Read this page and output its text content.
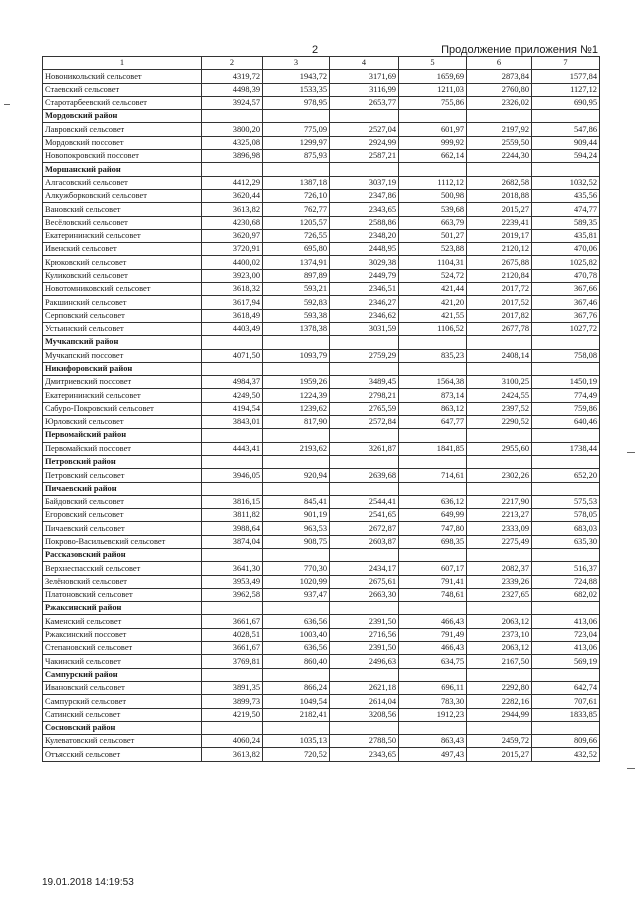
2	Продолжение приложения №1
1	2	3	4	5	6	7
Новоникольский сельсовет	4319,72	1943,72	3171,69	1659,69	2873,84	1577,84
Стаевский сельсовет	4498,39	1533,35	3116,99	1211,03	2760,80	1127,12
Старотарбеевский сельсовет	3924,57	978,95	2653,77	755,86	2326,02	690,95
Мордовский район						
Лавровский сельсовет	3800,20	775,09	2527,04	601,97	2197,92	547,86
Мордовский поссовет	4325,08	1299,97	2924,99	999,92	2559,50	909,44
Новопокровский поссовет	3896,98	875,93	2587,21	662,14	2244,30	594,24
Моршанский район						
Алгасовский сельсовет	4412,29	1387,18	3037,19	1112,12	2682,58	1032,52
Алкужборковский сельсовет	3620,44	726,10	2347,86	500,98	2018,88	435,56
Вановский сельсовет	3613,82	762,77	2343,65	539,68	2015,27	474,77
Весёловский сельсовет	4230,68	1205,57	2588,86	663,79	2239,41	589,35
Екатерининский сельсовет	3620,97	726,55	2348,20	501,27	2019,17	435,81
Ивенский сельсовет	3720,91	695,80	2448,95	523,88	2120,12	470,06
Крюковский сельсовет	4400,02	1374,91	3029,38	1104,31	2675,88	1025,82
Куликовский сельсовет	3923,00	897,89	2449,79	524,72	2120,84	470,78
Новотомниковский сельсовет	3618,32	593,21	2346,51	421,44	2017,72	367,66
Ракшинский сельсовет	3617,94	592,83	2346,27	421,20	2017,52	367,46
Серповский сельсовет	3618,49	593,38	2346,62	421,55	2017,82	367,76
Устьинский сельсовет	4403,49	1378,38	3031,59	1106,52	2677,78	1027,72
Мучкапский район						
Мучкапский поссовет	4071,50	1093,79	2759,29	835,23	2408,14	758,08
Никифоровский район						
Дмитриевский поссовет	4984,37	1959,26	3489,45	1564,38	3100,25	1450,19
Екатерининский сельсовет	4249,50	1224,39	2798,21	873,14	2424,55	774,49
Сабуро-Покровский сельсовет	4194,54	1239,62	2765,59	863,12	2397,52	759,86
Юрловский сельсовет	3843,01	817,90	2572,84	647,77	2290,52	640,46
Первомайский район						
Первомайский поссовет	4443,41	2193,62	3261,87	1841,85	2955,60	1738,44
Петровский район						
Петровский сельсовет	3946,05	920,94	2639,68	714,61	2302,26	652,20
Пичаевский район						
Байдовский сельсовет	3816,15	845,41	2544,41	636,12	2217,90	575,53
Егоровский сельсовет	3811,82	901,19	2541,65	649,99	2213,27	578,05
Пичаевский сельсовет	3988,64	963,53	2672,87	747,80	2333,09	683,03
Покрово-Васильевский сельсовет	3874,04	908,75	2603,87	698,35	2275,49	635,30
Рассказовский район						
Верхнеспасский сельсовет	3641,30	770,30	2434,17	607,17	2082,37	516,37
Зелёновский сельсовет	3953,49	1020,99	2675,61	791,41	2339,26	724,88
Платоновский сельсовет	3962,58	937,47	2663,30	748,61	2327,65	682,02
Ржаксинский район						
Каменский сельсовет	3661,67	636,56	2391,50	466,43	2063,12	413,06
Ржаксинский поссовет	4028,51	1003,40	2716,56	791,49	2373,10	723,04
Степановский сельсовет	3661,67	636,56	2391,50	466,43	2063,12	413,06
Чакинский сельсовет	3769,81	860,40	2496,63	634,75	2167,50	569,19
Сампурский район						
Ивановский сельсовет	3891,35	866,24	2621,18	696,11	2292,80	642,74
Сампурский сельсовет	3899,73	1049,54	2614,04	783,30	2282,16	707,61
Сатинский сельсовет	4219,50	2182,41	3208,56	1912,23	2944,99	1833,85
Сосновский район						
Кулеватовский сельсовет	4060,24	1035,13	2788,50	863,43	2459,72	809,66
Отъясский сельсовет	3613,82	720,52	2343,65	497,43	2015,27	432,52
19.01.2018 14:19:53
